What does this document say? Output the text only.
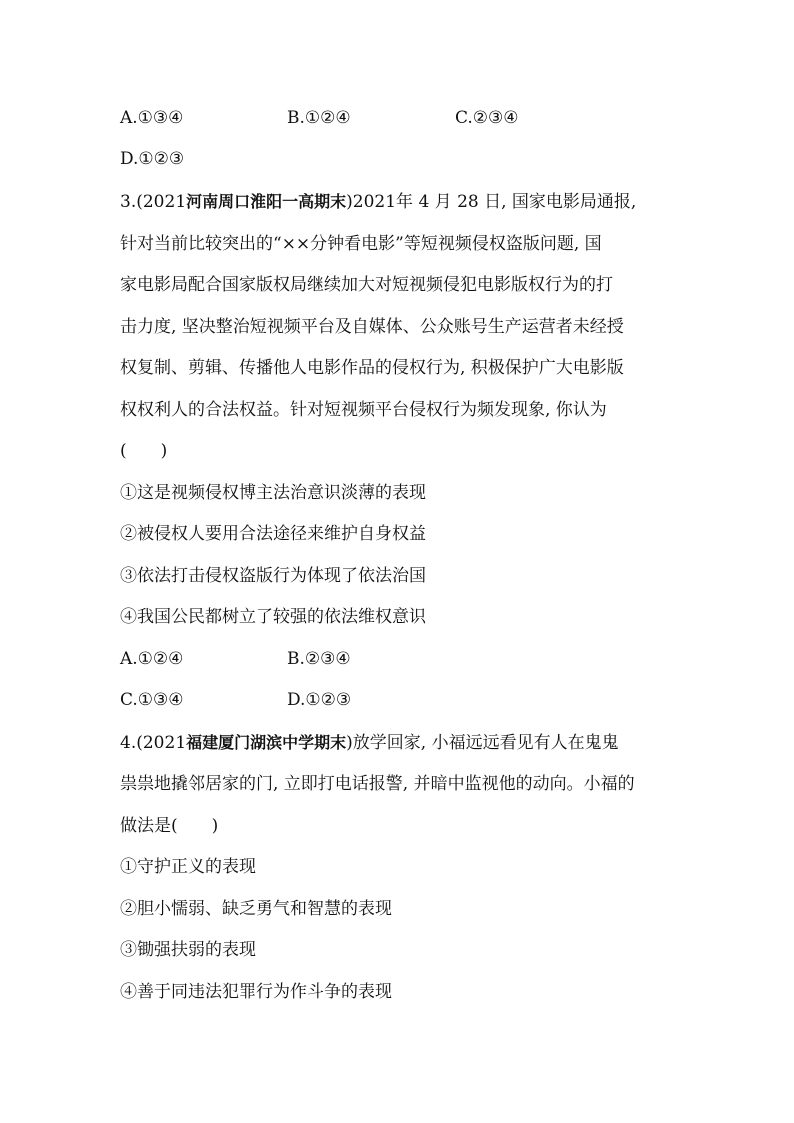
A.①③④	B.①②④	C.②③④
D.①②③
3.(2021河南周口淮阳一高期末)2021年 4 月 28 日, 国家电影局通报,
针对当前比较突出的“××分钟看电影”等短视频侵权盗版问题, 国
家电影局配合国家版权局继续加大对短视频侵犯电影版权行为的打
击力度, 坚决整治短视频平台及自媒体、公众账号生产运营者未经授
权复制、剪辑、传播他人电影作品的侵权行为, 积极保护广大电影版
权权利人的合法权益。针对短视频平台侵权行为频发现象, 你认为
(　　)
①这是视频侵权博主法治意识淡薄的表现
②被侵权人要用合法途径来维护自身权益
③依法打击侵权盗版行为体现了依法治国
④我国公民都树立了较强的依法维权意识
A.①②④	B.②③④
C.①③④	D.①②③
4.(2021福建厦门湖滨中学期末)放学回家, 小福远远看见有人在鬼鬼
祟祟地撬邻居家的门, 立即打电话报警, 并暗中监视他的动向。小福的
做法是(　　)
①守护正义的表现
②胆小懦弱、缺乏勇气和智慧的表现
③锄强扶弱的表现
④善于同违法犯罪行为作斗争的表现
